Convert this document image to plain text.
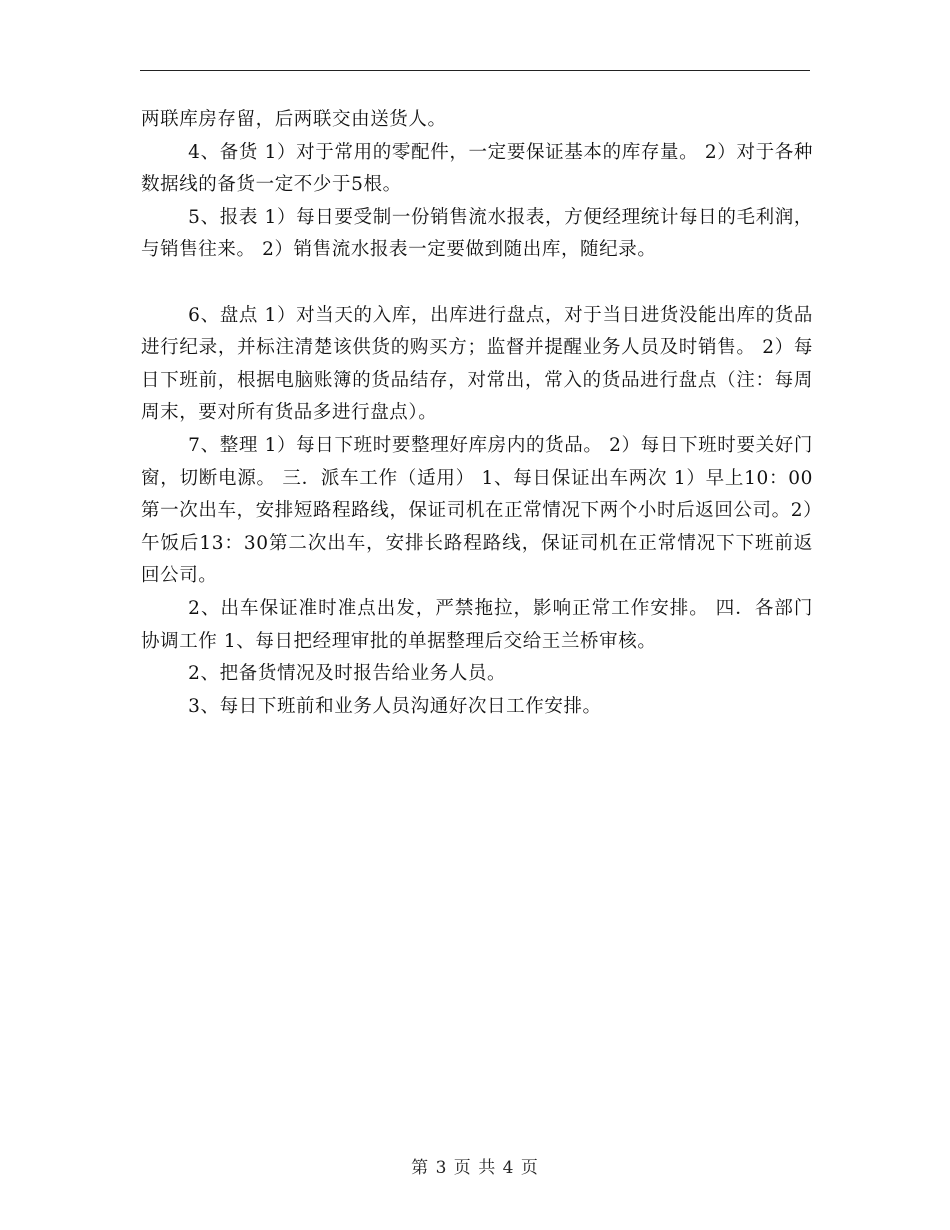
两联库房存留，后两联交由送货人。

4、备货 1）对于常用的零配件，一定要保证基本的库存量。 2）对于各种数据线的备货一定不少于5根。

5、报表 1）每日要受制一份销售流水报表，方便经理统计每日的毛利润，与销售往来。 2）销售流水报表一定要做到随出库，随纪录。

6、盘点 1）对当天的入库，出库进行盘点，对于当日进货没能出库的货品进行纪录，并标注清楚该供货的购买方；监督并提醒业务人员及时销售。 2）每日下班前，根据电脑账簿的货品结存，对常出，常入的货品进行盘点（注：每周周末，要对所有货品多进行盘点）。

7、整理 1）每日下班时要整理好库房内的货品。 2）每日下班时要关好门窗，切断电源。 三．派车工作（适用） 1、每日保证出车两次 1）早上10：00第一次出车，安排短路程路线，保证司机在正常情况下两个小时后返回公司。2）午饭后13：30第二次出车，安排长路程路线，保证司机在正常情况下下班前返回公司。

2、出车保证准时准点出发，严禁拖拉，影响正常工作安排。 四．各部门协调工作 1、每日把经理审批的单据整理后交给王兰桥审核。

2、把备货情况及时报告给业务人员。

3、每日下班前和业务人员沟通好次日工作安排。

第 3 页 共 4 页
